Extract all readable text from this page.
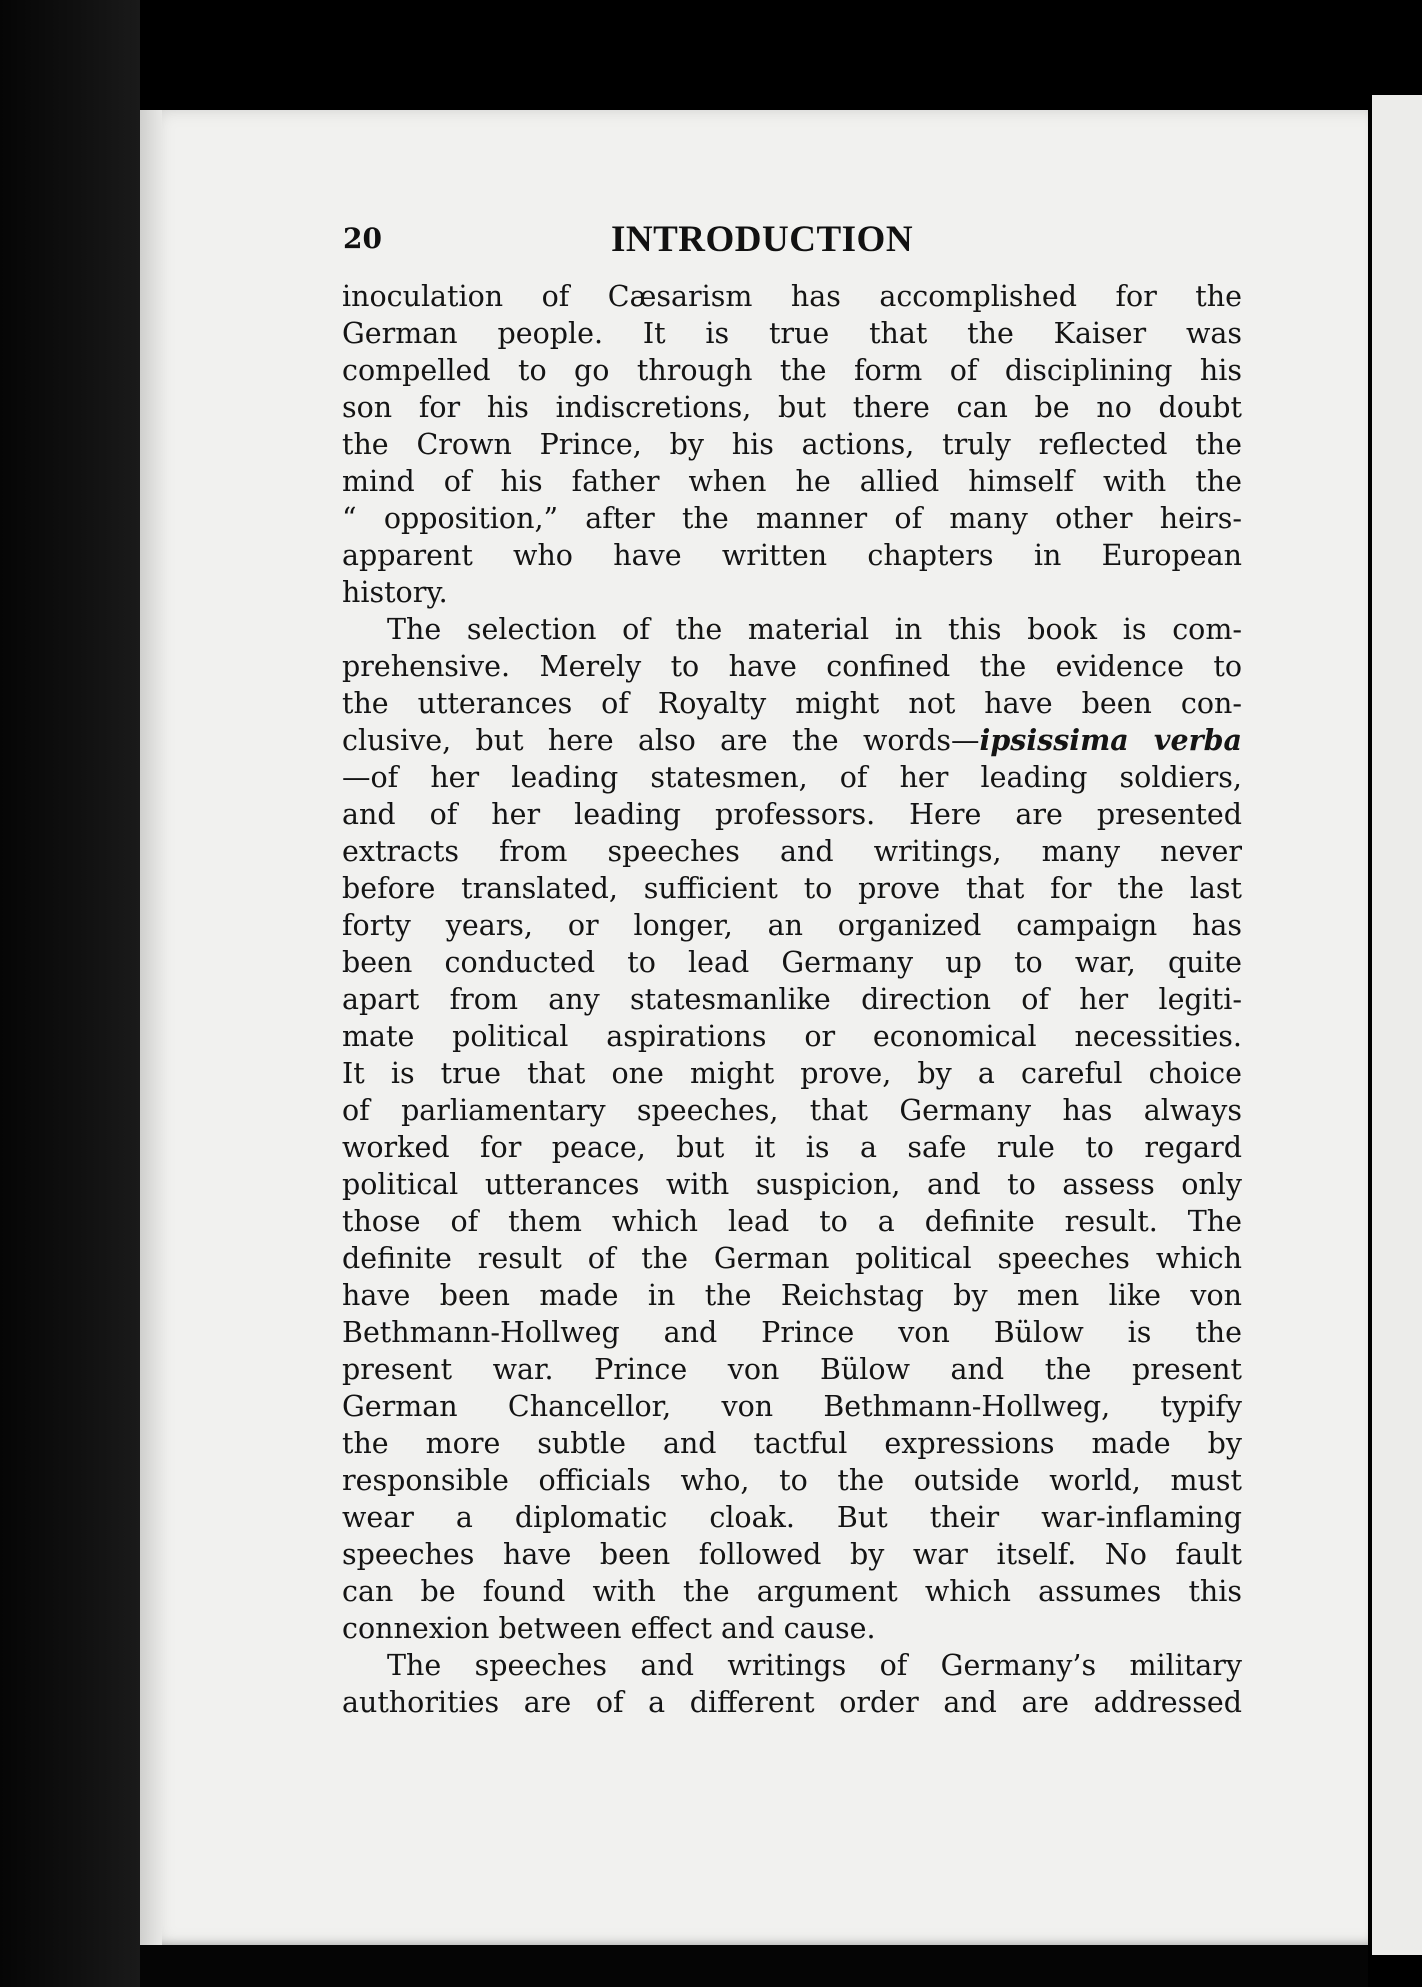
20	INTRODUCTION
inoculation of Cæsarism has accomplished for the
German people. It is true that the Kaiser was
compelled to go through the form of disciplining his
son for his indiscretions, but there can be no doubt
the Crown Prince, by his actions, truly reflected the
mind of his father when he allied himself with the
“ opposition,” after the manner of many other heirs-
apparent who have written chapters in European
history.
The selection of the material in this book is com-
prehensive. Merely to have confined the evidence to
the utterances of Royalty might not have been con-
clusive, but here also are the words—ipsissima verba
—of her leading statesmen, of her leading soldiers,
and of her leading professors. Here are presented
extracts from speeches and writings, many never
before translated, sufficient to prove that for the last
forty years, or longer, an organized campaign has
been conducted to lead Germany up to war, quite
apart from any statesmanlike direction of her legiti-
mate political aspirations or economical necessities.
It is true that one might prove, by a careful choice
of parliamentary speeches, that Germany has always
worked for peace, but it is a safe rule to regard
political utterances with suspicion, and to assess only
those of them which lead to a definite result. The
definite result of the German political speeches which
have been made in the Reichstag by men like von
Bethmann-Hollweg and Prince von Bülow is the
present war. Prince von Bülow and the present
German Chancellor, von Bethmann-Hollweg, typify
the more subtle and tactful expressions made by
responsible officials who, to the outside world, must
wear a diplomatic cloak. But their war-inflaming
speeches have been followed by war itself. No fault
can be found with the argument which assumes this
connexion between effect and cause.
The speeches and writings of Germany’s military
authorities are of a different order and are addressed
